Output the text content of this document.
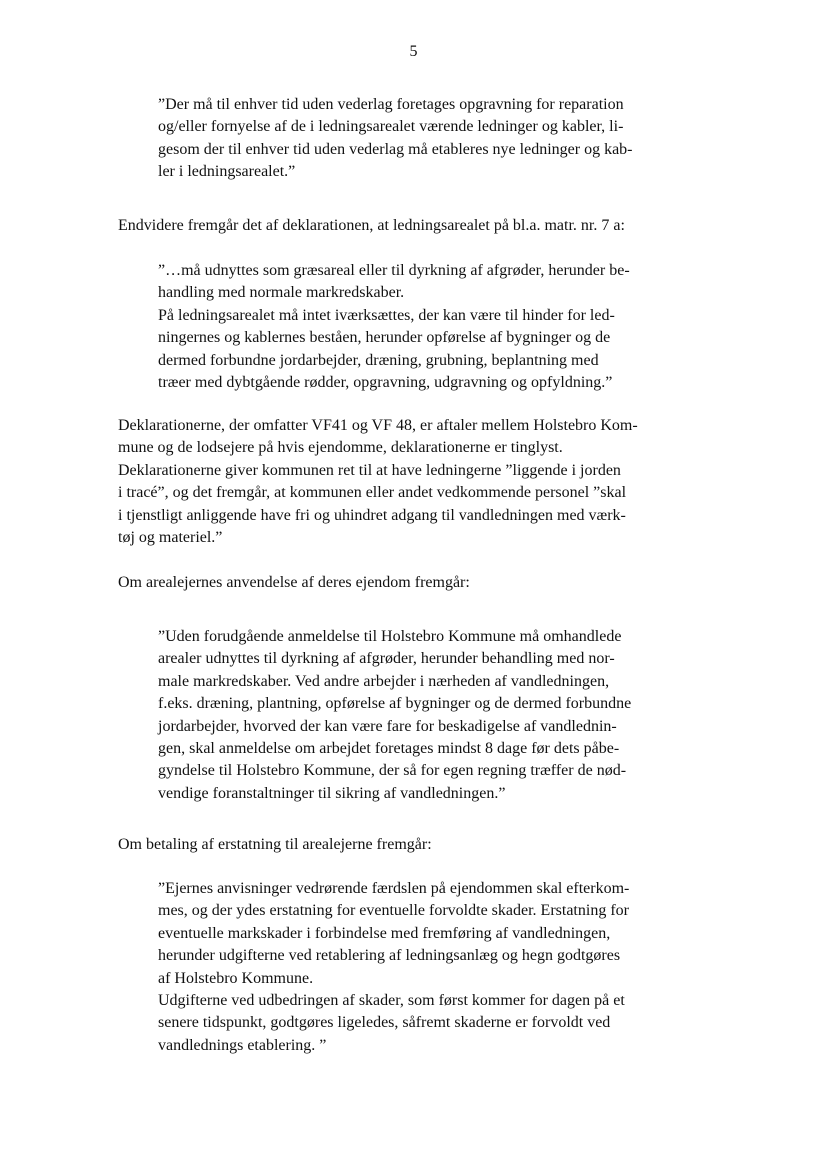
5
”Der må til enhver tid uden vederlag foretages opgravning for reparation
og/eller fornyelse af de i ledningsarealet værende ledninger og kabler, li-
gesom der til enhver tid uden vederlag må etableres nye ledninger og kab-
ler i ledningsarealet.”
Endvidere fremgår det af deklarationen, at ledningsarealet på bl.a. matr. nr. 7 a:
”…må udnyttes som græsareal eller til dyrkning af afgrøder, herunder be-
handling med normale markredskaber.
På ledningsarealet må intet iværksættes, der kan være til hinder for led-
ningernes og kablernes beståen, herunder opførelse af bygninger og de
dermed forbundne jordarbejder, dræning, grubning, beplantning med
træer med dybtgående rødder, opgravning, udgravning og opfyldning.”
Deklarationerne, der omfatter VF41 og VF 48, er aftaler mellem Holstebro Kom-
mune og de lodsejere på hvis ejendomme, deklarationerne er tinglyst.
Deklarationerne giver kommunen ret til at have ledningerne ”liggende i jorden
i tracé”, og det fremgår, at kommunen eller andet vedkommende personel ”skal
i tjenstligt anliggende have fri og uhindret adgang til vandledningen med værk-
tøj og materiel.”
Om arealejernes anvendelse af deres ejendom fremgår:
”Uden forudgående anmeldelse til Holstebro Kommune må omhandlede
arealer udnyttes til dyrkning af afgrøder, herunder behandling med nor-
male markredskaber. Ved andre arbejder i nærheden af vandledningen,
f.eks. dræning, plantning, opførelse af bygninger og de dermed forbundne
jordarbejder, hvorved der kan være fare for beskadigelse af vandlednin-
gen, skal anmeldelse om arbejdet foretages mindst 8 dage før dets påbe-
gyndelse til Holstebro Kommune, der så for egen regning træffer de nød-
vendige foranstaltninger til sikring af vandledningen.”
Om betaling af erstatning til arealejerne fremgår:
”Ejernes anvisninger vedrørende færdslen på ejendommen skal efterkom-
mes, og der ydes erstatning for eventuelle forvoldte skader. Erstatning for
eventuelle markskader i forbindelse med fremføring af vandledningen,
herunder udgifterne ved retablering af ledningsanlæg og hegn godtgøres
af Holstebro Kommune.
Udgifterne ved udbedringen af skader, som først kommer for dagen på et
senere tidspunkt, godtgøres ligeledes, såfremt skaderne er forvoldt ved
vandlednings etablering. ”
